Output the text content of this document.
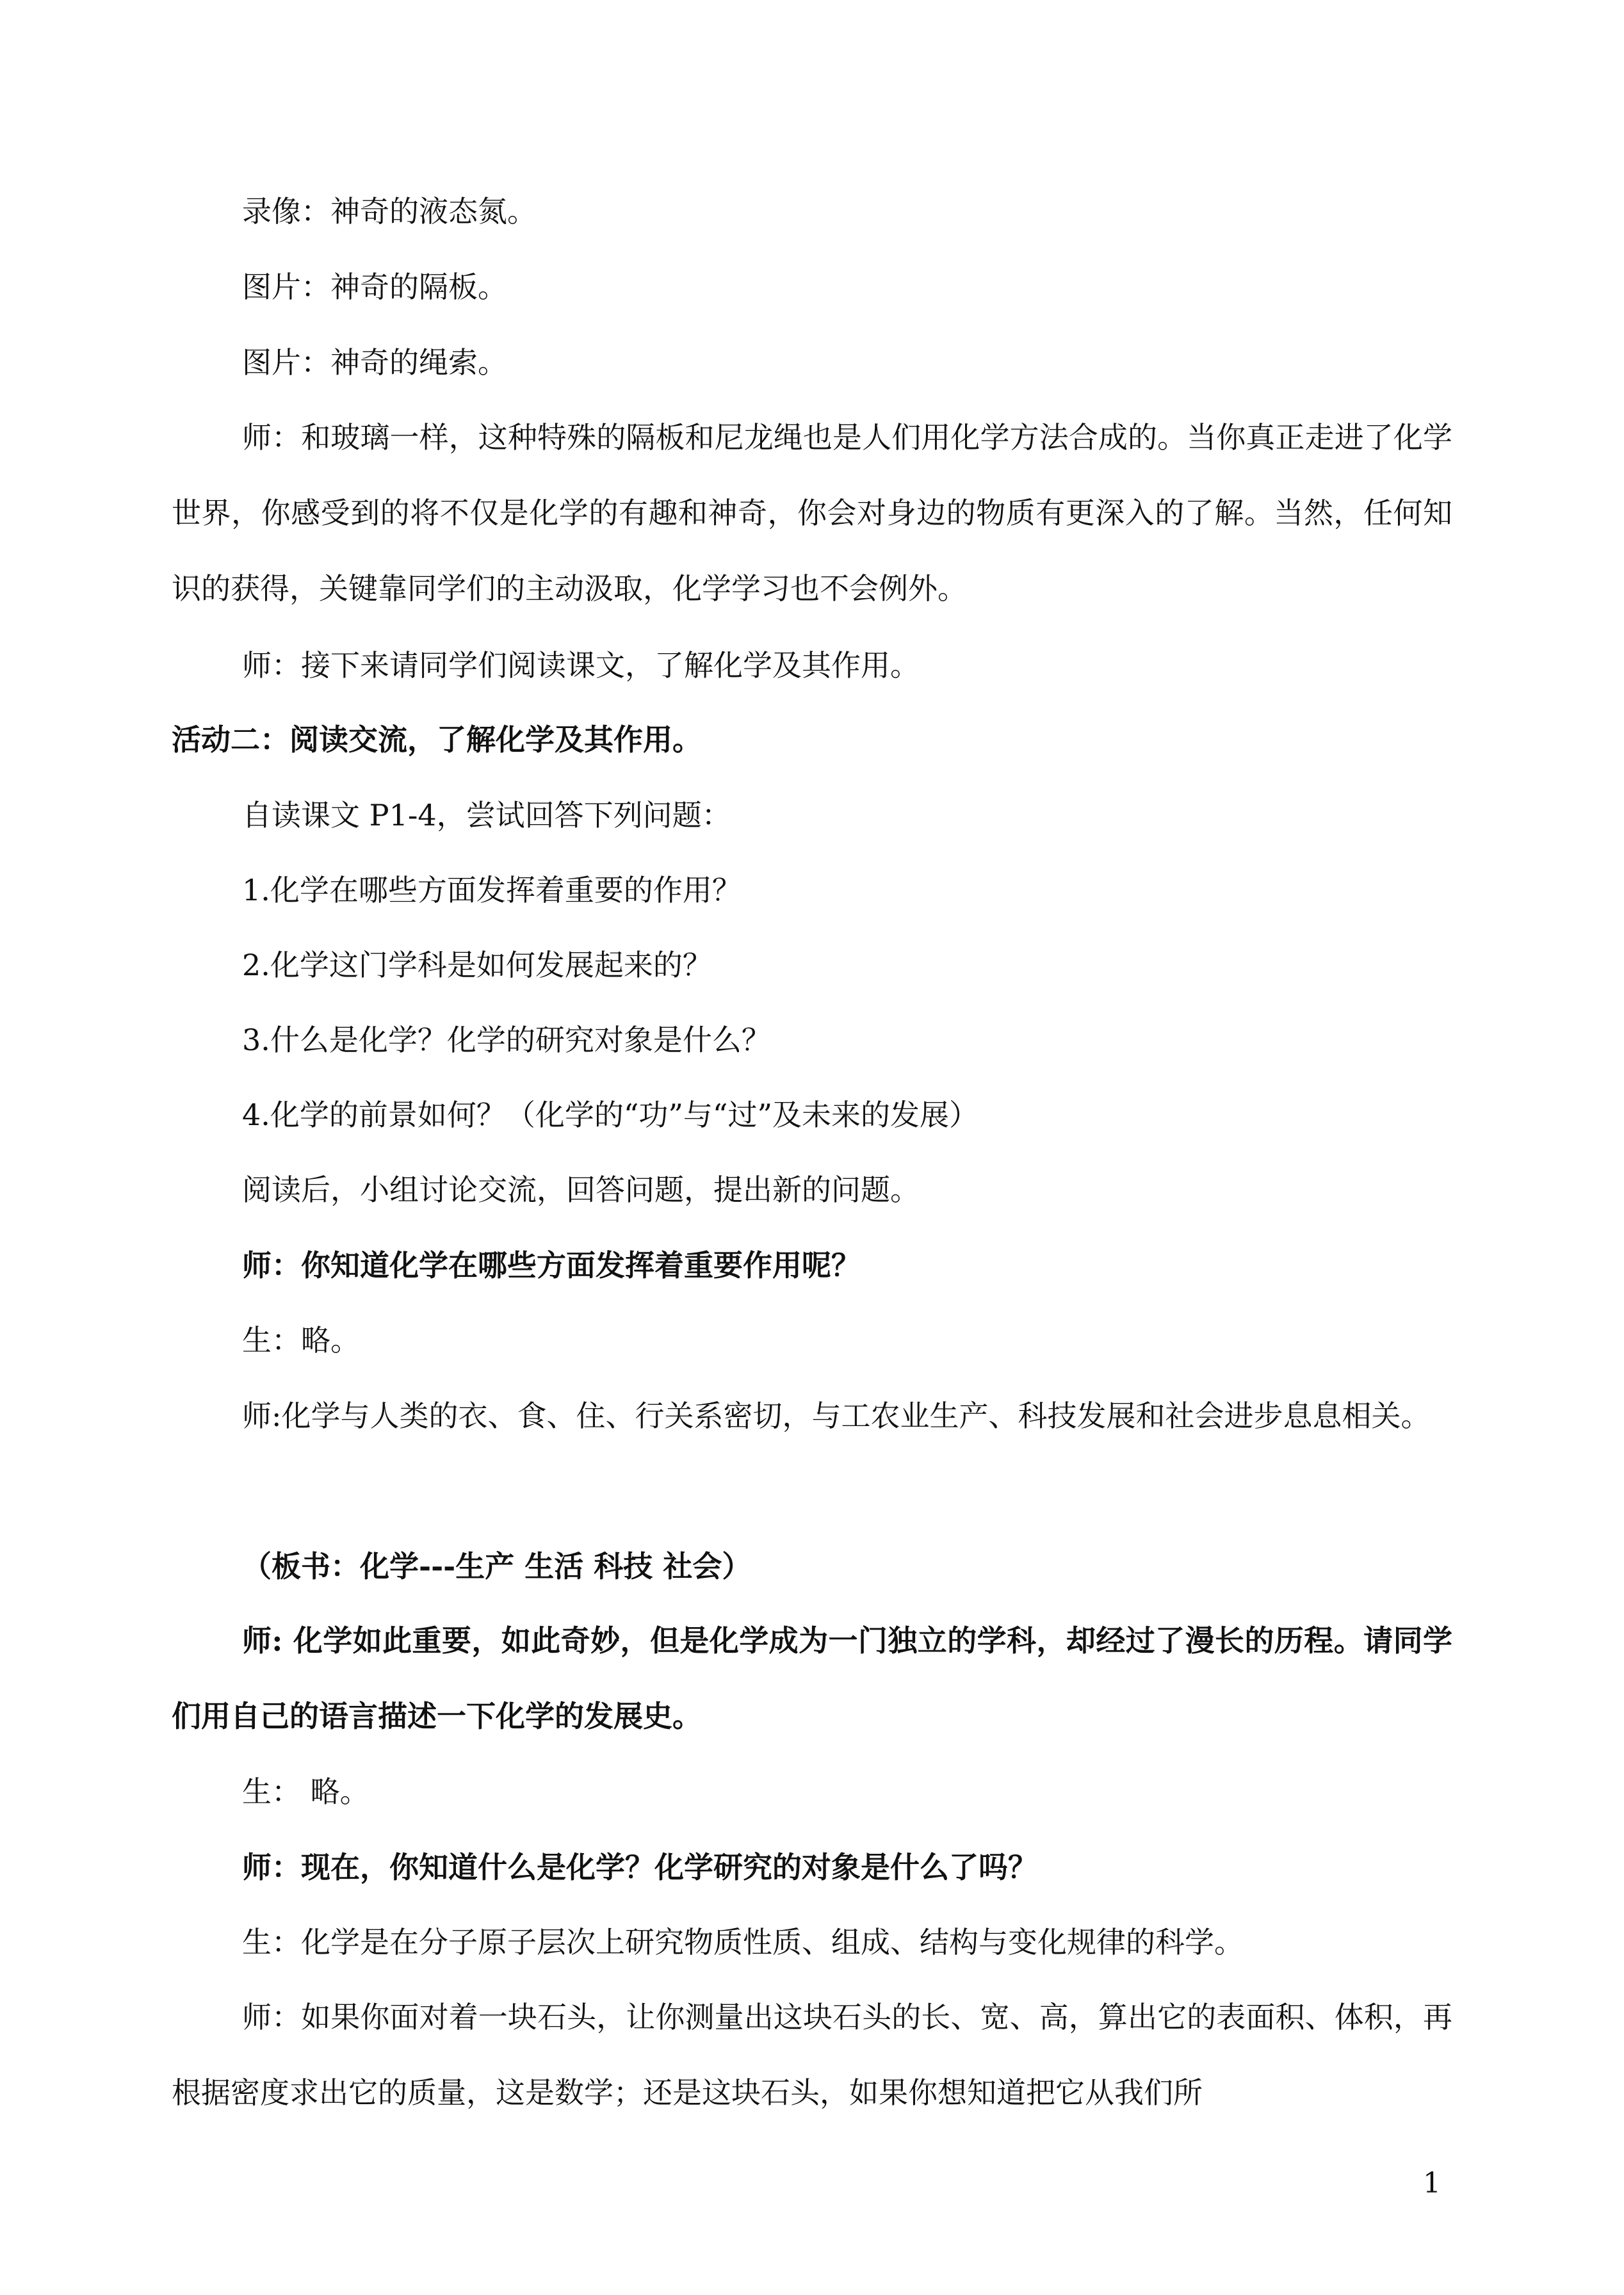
录像：神奇的液态氮。
图片：神奇的隔板。
图片：神奇的绳索。
师：和玻璃一样，这种特殊的隔板和尼龙绳也是人们用化学方法合成的。当你真正走进了化学世界，你感受到的将不仅是化学的有趣和神奇，你会对身边的物质有更深入的了解。当然，任何知识的获得，关键靠同学们的主动汲取，化学学习也不会例外。
师：接下来请同学们阅读课文，了解化学及其作用。
活动二：阅读交流，了解化学及其作用。
自读课文 P1-4，尝试回答下列问题：
1.化学在哪些方面发挥着重要的作用？
2.化学这门学科是如何发展起来的？
3.什么是化学？化学的研究对象是什么？
4.化学的前景如何？（化学的“功”与“过”及未来的发展）
阅读后，小组讨论交流，回答问题，提出新的问题。
师：你知道化学在哪些方面发挥着重要作用呢？
生：略。
师:化学与人类的衣、食、住、行关系密切，与工农业生产、科技发展和社会进步息息相关。
（板书：化学---生产 生活 科技 社会）
师: 化学如此重要，如此奇妙，但是化学成为一门独立的学科，却经过了漫长的历程。请同学们用自己的语言描述一下化学的发展史。
生： 略。
师：现在，你知道什么是化学？化学研究的对象是什么了吗？
生：化学是在分子原子层次上研究物质性质、组成、结构与变化规律的科学。
师：如果你面对着一块石头，让你测量出这块石头的长、宽、高，算出它的表面积、体积，再根据密度求出它的质量，这是数学；还是这块石头，如果你想知道把它从我们所
1
